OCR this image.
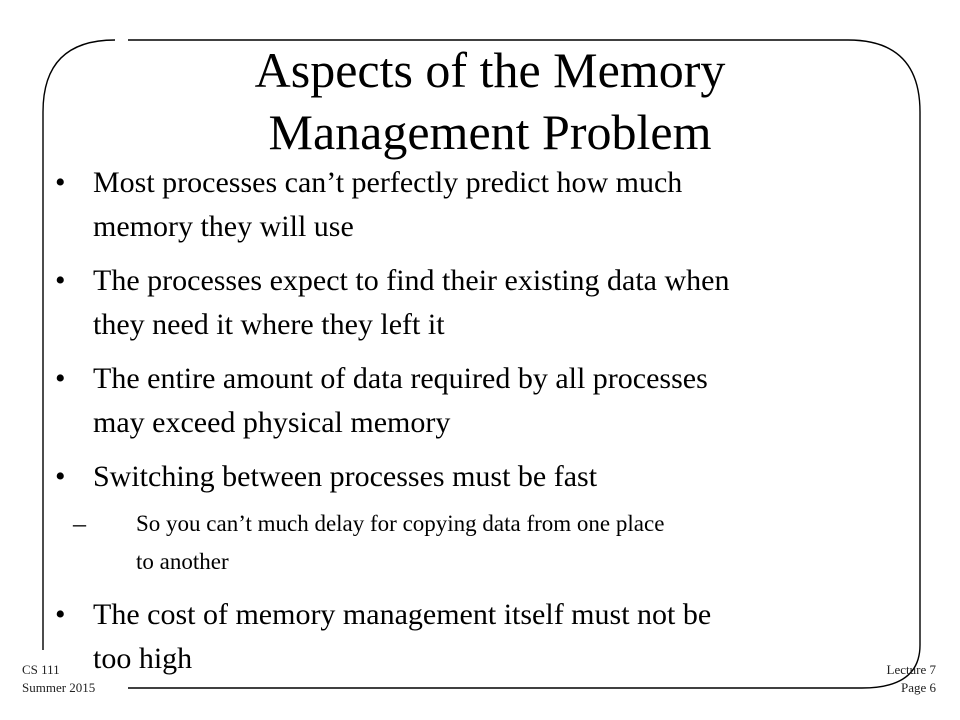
Aspects of the Memory
Management Problem
• Most processes can’t perfectly predict how much
memory they will use
• The processes expect to find their existing data when
they need it where they left it
• The entire amount of data required by all processes
may exceed physical memory
• Switching between processes must be fast
– So you can’t much delay for copying data from one place
to another
• The cost of memory management itself must not be
too high
CS 111
Summer 2015
Lecture 7
Page 6
